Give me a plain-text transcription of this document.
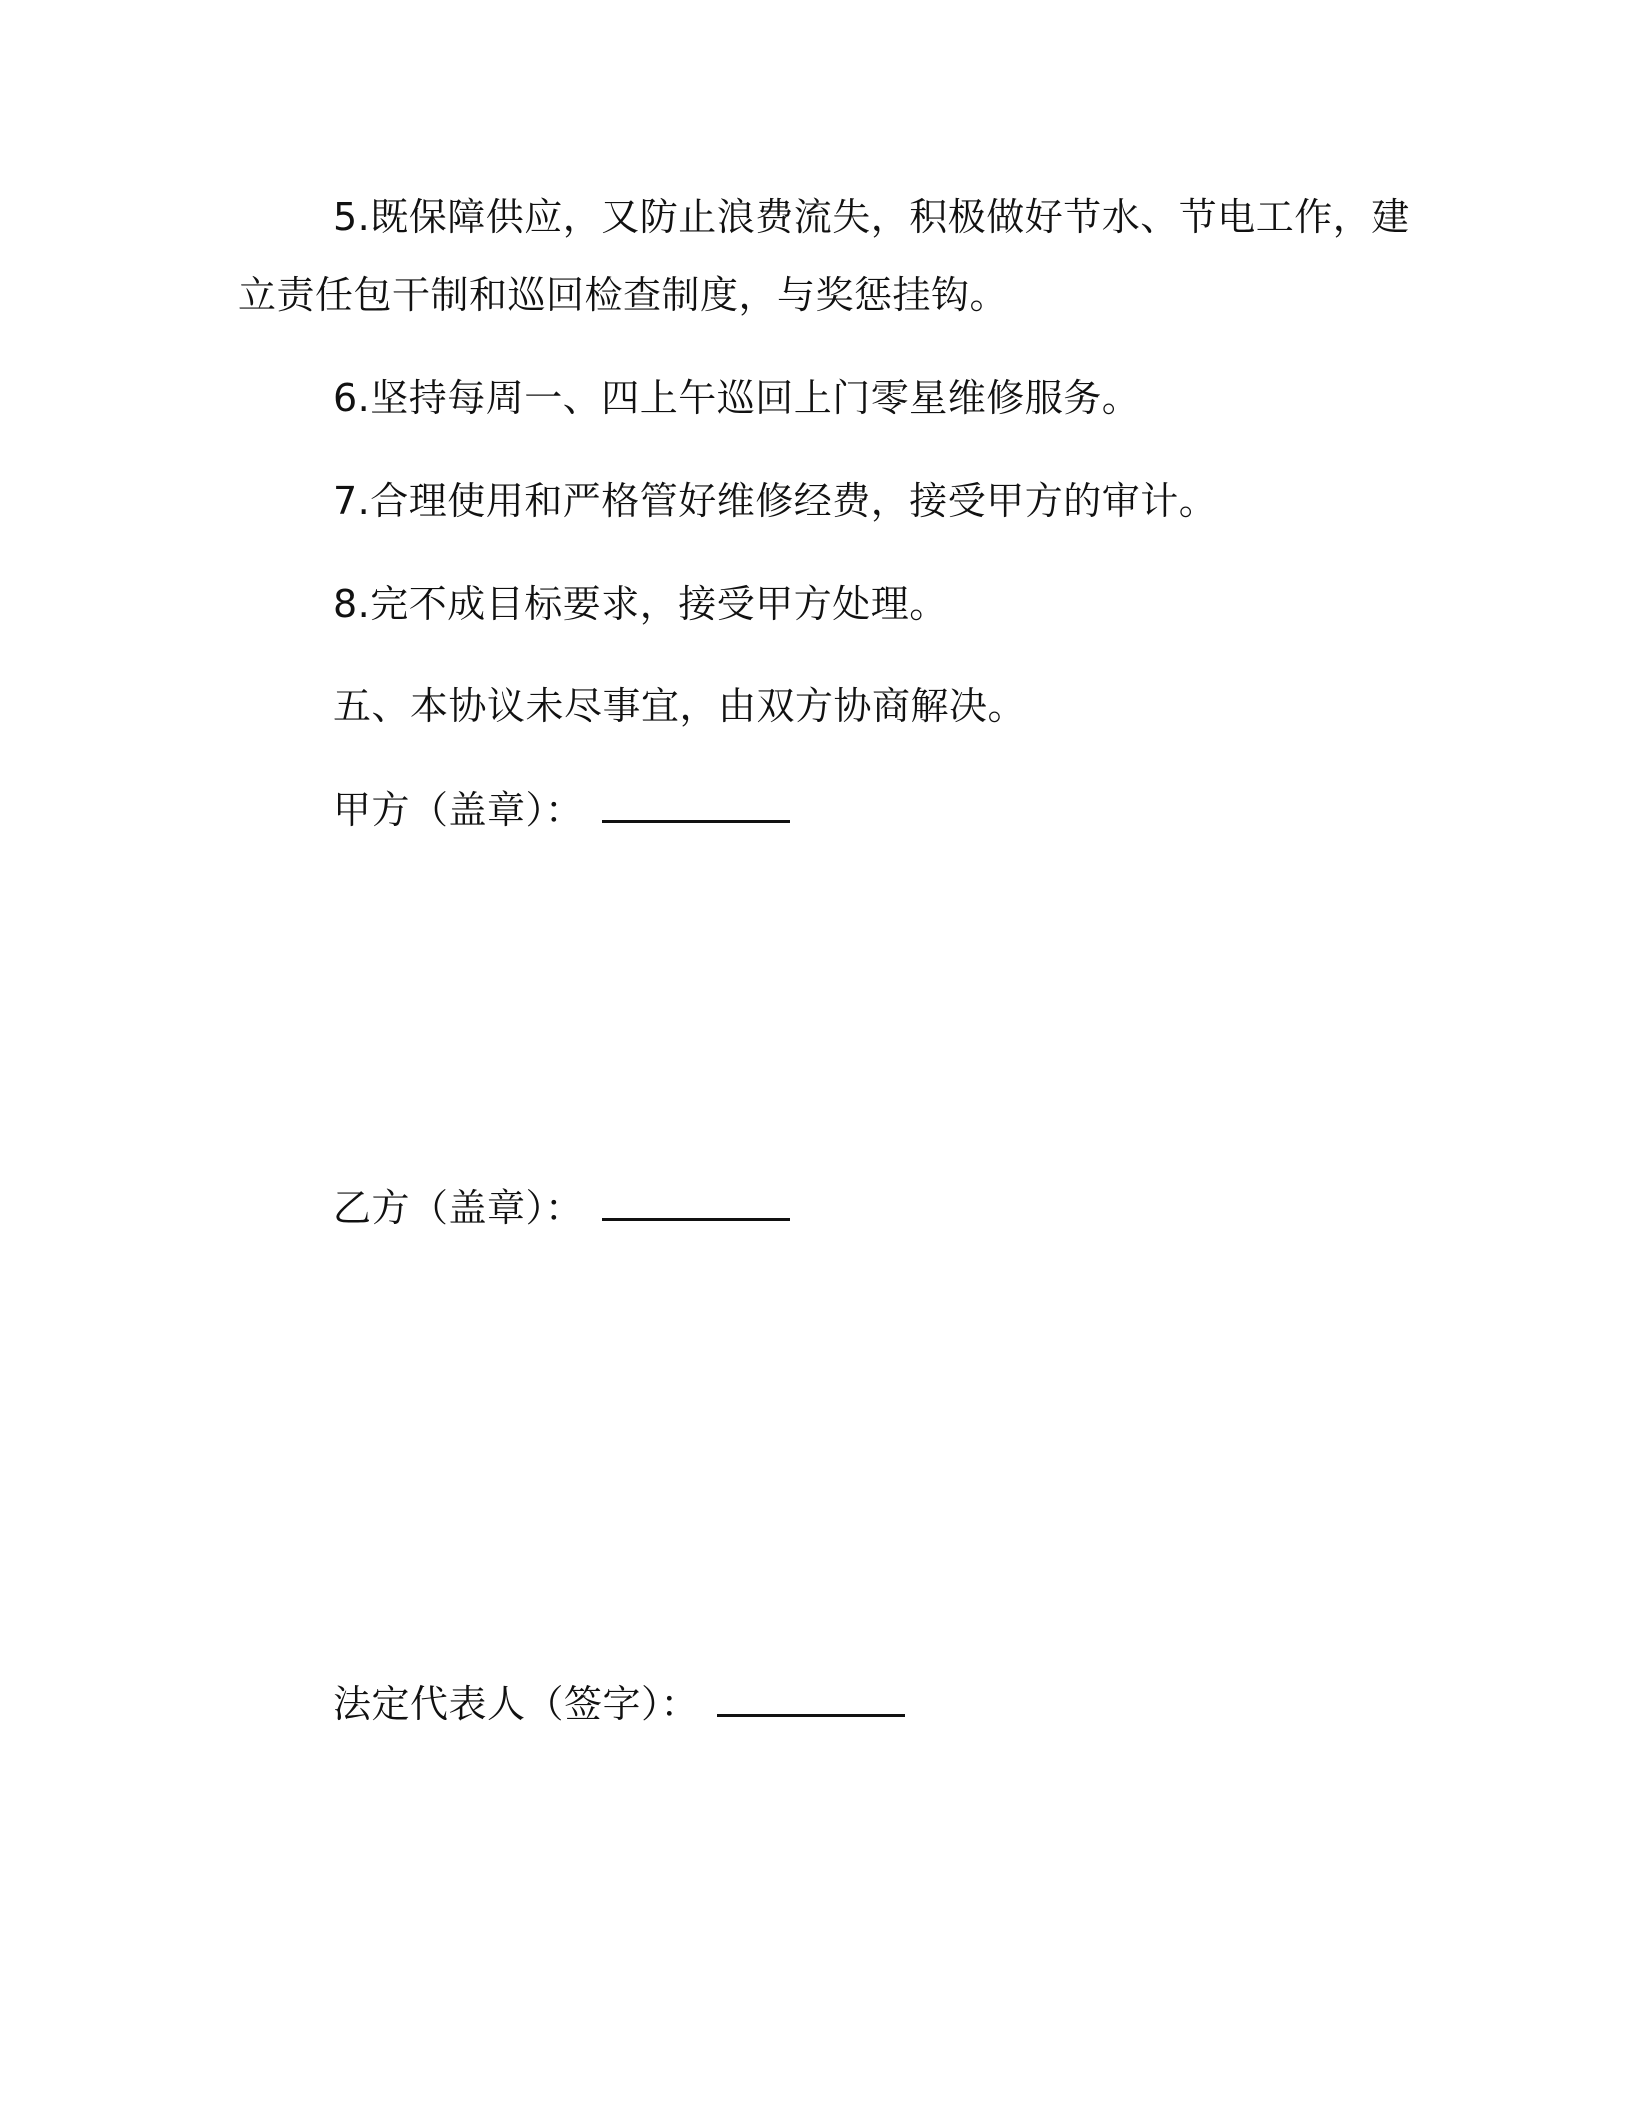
5.既保障供应，又防止浪费流失，积极做好节水、节电工作，建
立责任包干制和巡回检查制度，与奖惩挂钩。
6.坚持每周一、四上午巡回上门零星维修服务。
7.合理使用和严格管好维修经费，接受甲方的审计。
8.完不成目标要求，接受甲方处理。
五、本协议未尽事宜，由双方协商解决。
甲方（盖章）：
乙方（盖章）：
法定代表人（签字）：
